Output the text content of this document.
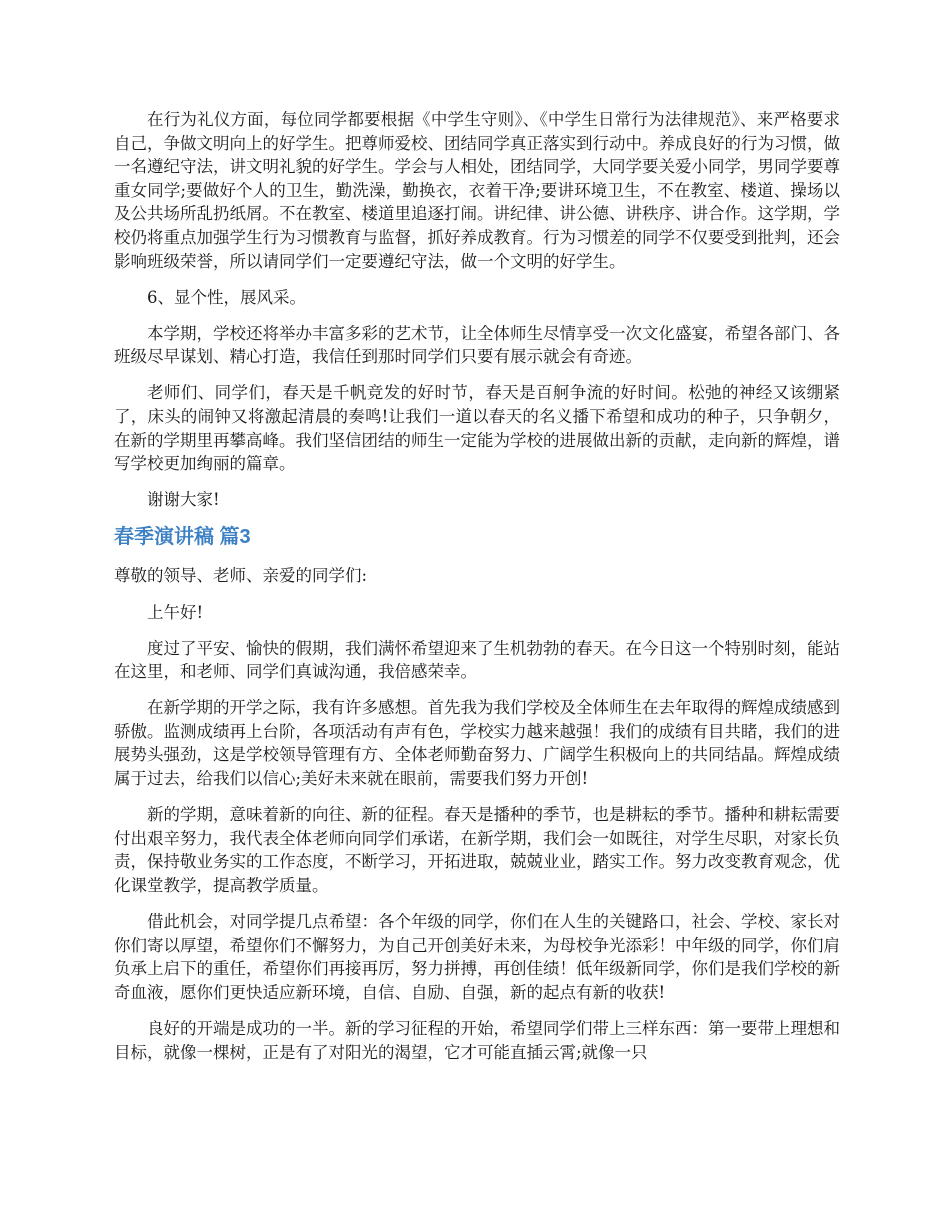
在行为礼仪方面，每位同学都要根据《中学生守则》、《中学生日常行为法律规范》、来严格要求自己，争做文明向上的好学生。把尊师爱校、团结同学真正落实到行动中。养成良好的行为习惯，做一名遵纪守法，讲文明礼貌的好学生。学会与人相处，团结同学，大同学要关爱小同学，男同学要尊重女同学;要做好个人的卫生，勤洗澡，勤换衣，衣着干净;要讲环境卫生，不在教室、楼道、操场以及公共场所乱扔纸屑。不在教室、楼道里追逐打闹。讲纪律、讲公德、讲秩序、讲合作。这学期，学校仍将重点加强学生行为习惯教育与监督，抓好养成教育。行为习惯差的同学不仅要受到批判，还会影响班级荣誉，所以请同学们一定要遵纪守法，做一个文明的好学生。

6、显个性，展风采。

本学期，学校还将举办丰富多彩的艺术节，让全体师生尽情享受一次文化盛宴，希望各部门、各班级尽早谋划、精心打造，我信任到那时同学们只要有展示就会有奇迹。

老师们、同学们，春天是千帆竞发的好时节，春天是百舸争流的好时间。松弛的神经又该绷紧了，床头的闹钟又将激起清晨的奏鸣!让我们一道以春天的名义播下希望和成功的种子，只争朝夕，在新的学期里再攀高峰。我们坚信团结的师生一定能为学校的进展做出新的贡献，走向新的辉煌，谱写学校更加绚丽的篇章。

谢谢大家!

春季演讲稿 篇3

尊敬的领导、老师、亲爱的同学们:

上午好!

度过了平安、愉快的假期，我们满怀希望迎来了生机勃勃的春天。在今日这一个特别时刻，能站在这里，和老师、同学们真诚沟通，我倍感荣幸。

在新学期的开学之际，我有许多感想。首先我为我们学校及全体师生在去年取得的辉煌成绩感到骄傲。监测成绩再上台阶，各项活动有声有色，学校实力越来越强！我们的成绩有目共睹，我们的进展势头强劲，这是学校领导管理有方、全体老师勤奋努力、广阔学生积极向上的共同结晶。辉煌成绩属于过去，给我们以信心;美好未来就在眼前，需要我们努力开创!

新的学期，意味着新的向往、新的征程。春天是播种的季节，也是耕耘的季节。播种和耕耘需要付出艰辛努力，我代表全体老师向同学们承诺，在新学期，我们会一如既往，对学生尽职，对家长负责，保持敬业务实的工作态度，不断学习，开拓进取，兢兢业业，踏实工作。努力改变教育观念，优化课堂教学，提高教学质量。

借此机会，对同学提几点希望：各个年级的同学，你们在人生的关键路口，社会、学校、家长对你们寄以厚望，希望你们不懈努力，为自己开创美好未来，为母校争光添彩！中年级的同学，你们肩负承上启下的重任，希望你们再接再厉，努力拼搏，再创佳绩！低年级新同学，你们是我们学校的新奇血液，愿你们更快适应新环境，自信、自励、自强，新的起点有新的收获!

良好的开端是成功的一半。新的学习征程的开始，希望同学们带上三样东西：第一要带上理想和目标，就像一棵树，正是有了对阳光的渴望，它才可能直插云霄;就像一只
